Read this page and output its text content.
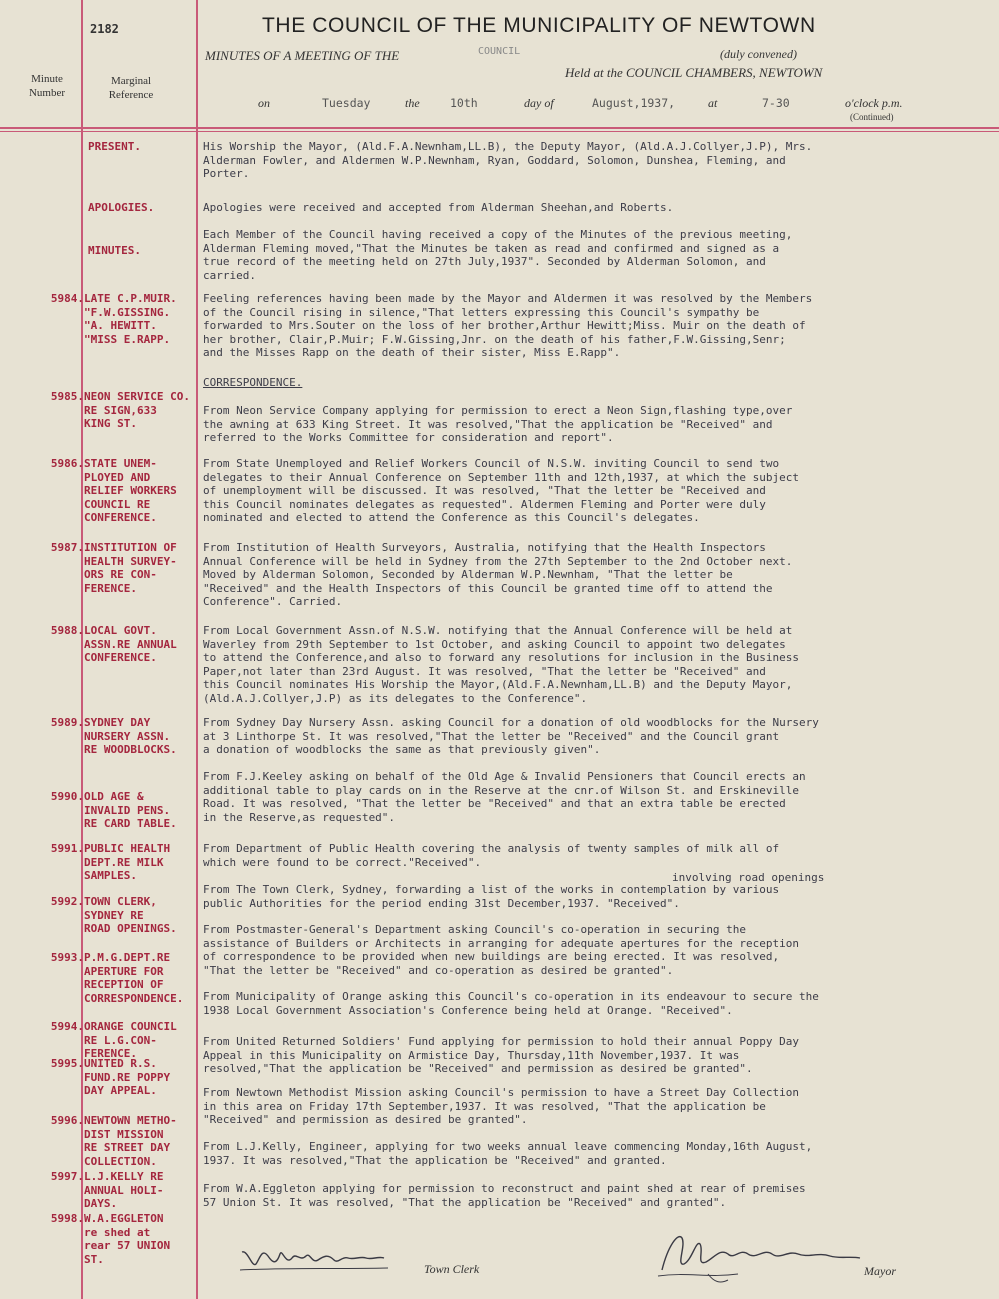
2182	THE COUNCIL OF THE MUNICIPALITY OF NEWTOWN
MINUTES OF A MEETING OF THE	COUNCIL	(duly convened)
Held at the COUNCIL CHAMBERS, NEWTOWN
on	Tuesday	the	10th	day of	August,1937,	at	7-30	o'clock p.m.
(Continued)
Minute Number
Marginal Reference
PRESENT.	His Worship the Mayor, (Ald.F.A.Newnham,LL.B), the Deputy Mayor, (Ald.A.J.Collyer,J.P), Mrs.
Alderman Fowler, and Aldermen W.P.Newnham, Ryan, Goddard, Solomon, Dunshea, Fleming, and
Porter.
APOLOGIES.	Apologies were received and accepted from Alderman Sheehan,and Roberts.
MINUTES.
Each Member of the Council having received a copy of the Minutes of the previous meeting,
Alderman Fleming moved,"That the Minutes be taken as read and confirmed and signed as a
true record of the meeting held on 27th July,1937". Seconded by Alderman Solomon, and
carried.
5984. LATE C.P.MUIR.
"F.W.GISSING.
"A. HEWITT.
"MISS E.RAPP.
Feeling references having been made by the Mayor and Aldermen it was resolved by the Members
of the Council rising in silence,"That letters expressing this Council's sympathy be
forwarded to Mrs.Souter on the loss of her brother,Arthur Hewitt;Miss. Muir on the death of
her brother, Clair,P.Muir; F.W.Gissing,Jnr. on the death of his father,F.W.Gissing,Senr;
and the Misses Rapp on the death of their sister, Miss E.Rapp".
CORRESPONDENCE.
5985. NEON SERVICE CO.
RE SIGN,633
KING ST.
From Neon Service Company applying for permission to erect a Neon Sign,flashing type,over
the awning at 633 King Street. It was resolved,"That the application be "Received" and
referred to the Works Committee for consideration and report".
5986. STATE UNEM-
PLOYED AND
RELIEF WORKERS
COUNCIL RE
CONFERENCE.
From State Unemployed and Relief Workers Council of N.S.W. inviting Council to send two
delegates to their Annual Conference on September 11th and 12th,1937, at which the subject
of unemployment will be discussed. It was resolved, "That the letter be "Received and
this Council nominates delegates as requested". Aldermen Fleming and Porter were duly
nominated and elected to attend the Conference as this Council's delegates.
5987. INSTITUTION OF
HEALTH SURVEY-
ORS RE CON-
FERENCE.
From Institution of Health Surveyors, Australia, notifying that the Health Inspectors
Annual Conference will be held in Sydney from the 27th September to the 2nd October next.
Moved by Alderman Solomon, Seconded by Alderman W.P.Newnham, "That the letter be
"Received" and the Health Inspectors of this Council be granted time off to attend the
Conference". Carried.
5988. LOCAL GOVT.
ASSN.RE ANNUAL
CONFERENCE.
From Local Government Assn.of N.S.W. notifying that the Annual Conference will be held at
Waverley from 29th September to 1st October, and asking Council to appoint two delegates
to attend the Conference,and also to forward any resolutions for inclusion in the Business
Paper,not later than 23rd August. It was resolved, "That the letter be "Received" and
this Council nominates His Worship the Mayor,(Ald.F.A.Newnham,LL.B) and the Deputy Mayor,
(Ald.A.J.Collyer,J.P) as its delegates to the Conference".
5989. SYDNEY DAY
NURSERY ASSN.
RE WOODBLOCKS.
From Sydney Day Nursery Assn. asking Council for a donation of old woodblocks for the Nursery
at 3 Linthorpe St. It was resolved,"That the letter be "Received" and the Council grant
a donation of woodblocks the same as that previously given".
5990. OLD AGE &
INVALID PENS.
RE CARD TABLE.
From F.J.Keeley asking on behalf of the Old Age & Invalid Pensioners that Council erects an
additional table to play cards on in the Reserve at the cnr.of Wilson St. and Erskineville
Road. It was resolved, "That the letter be "Received" and that an extra table be erected
in the Reserve,as requested".
5991. PUBLIC HEALTH
DEPT.RE MILK
SAMPLES.
From Department of Public Health covering the analysis of twenty samples of milk all of
which were found to be correct."Received".
involving road openings
5992. TOWN CLERK,
SYDNEY RE
ROAD OPENINGS.
From The Town Clerk, Sydney, forwarding a list of the works in contemplation by various
public Authorities for the period ending 31st December,1937. "Received".
5993. P.M.G.DEPT.RE
APERTURE FOR
RECEPTION OF
CORRESPONDENCE.
From Postmaster-General's Department asking Council's co-operation in securing the
assistance of Builders or Architects in arranging for adequate apertures for the reception
of correspondence to be provided when new buildings are being erected. It was resolved,
"That the letter be "Received" and co-operation as desired be granted".
5994. ORANGE COUNCIL
RE L.G.CON-
FERENCE.
From Municipality of Orange asking this Council's co-operation in its endeavour to secure the
1938 Local Government Association's Conference being held at Orange. "Received".
5995. UNITED R.S.
FUND.RE POPPY
DAY APPEAL.
From United Returned Soldiers' Fund applying for permission to hold their annual Poppy Day
Appeal in this Municipality on Armistice Day, Thursday,11th November,1937. It was
resolved,"That the application be "Received" and permission as desired be granted".
5996. NEWTOWN METHO-
DIST MISSION
RE STREET DAY
COLLECTION.
From Newtown Methodist Mission asking Council's permission to have a Street Day Collection
in this area on Friday 17th September,1937. It was resolved, "That the application be
"Received" and permission as desired be granted".
5997. L.J.KELLY RE
ANNUAL HOLI-
DAYS.
From L.J.Kelly, Engineer, applying for two weeks annual leave commencing Monday,16th August,
1937. It was resolved,"That the application be "Received" and granted.
5998. W.A.EGGLETON
re shed at
rear 57 UNION
ST.
From W.A.Eggleton applying for permission to reconstruct and paint shed at rear of premises
57 Union St. It was resolved, "That the application be "Received" and granted".
Town Clerk	Mayor
